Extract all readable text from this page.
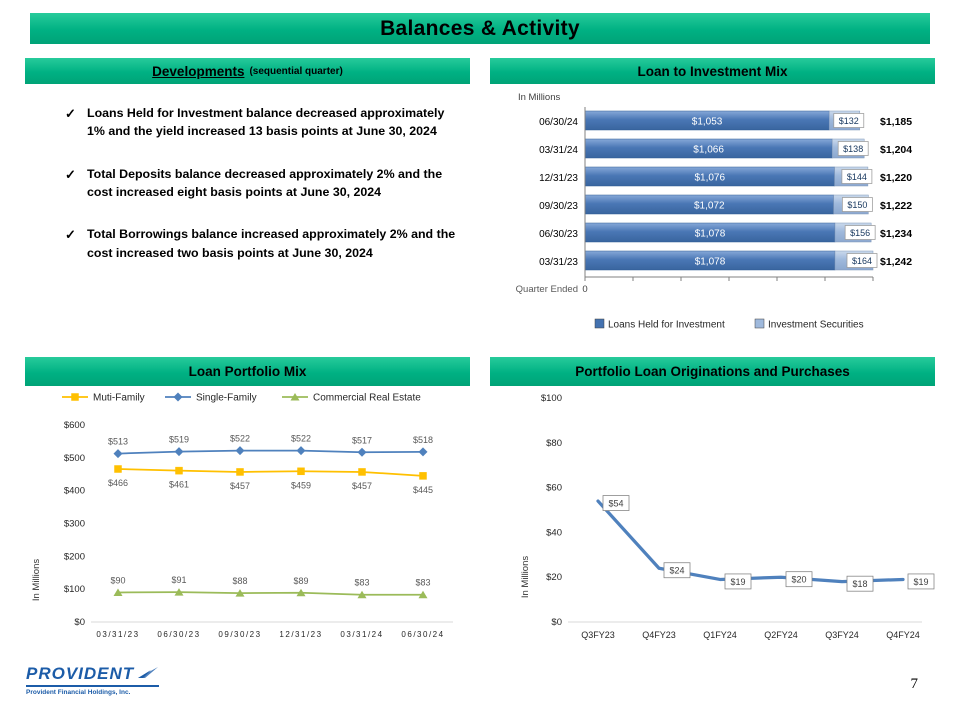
Balances & Activity
Developments (sequential quarter)
✓ Loans Held for Investment balance decreased approximately 1% and the yield increased 13 basis points at June 30, 2024
✓ Total Deposits balance decreased approximately 2% and the cost increased eight basis points at June 30, 2024
✓ Total Borrowings balance increased approximately 2% and the cost increased two basis points at June 30, 2024
Loan to Investment Mix
In Millions
06/30/24	$1,053	$132 $1,185
03/31/24	$1,066	$138 $1,204
12/31/23	$1,076	$144 $1,220
09/30/23	$1,072	$150 $1,222
06/30/23	$1,078	$156 $1,234
03/31/23	$1,078	$164 $1,242
0
Quarter Ended
Loans Held for Investment	Investment Securities
Loan Portfolio Mix
Muti-Family	Single-Family	Commercial Real Estate
$0
$100
$200
$300
$400
$500
$600
$466	$461	$457	$459	$457	$445
$513	$519	$522	$522	$517	$518
$90	$91	$88	$89	$83	$83
03/31/23 06/30/23 09/30/23 12/31/23 03/31/24 06/30/24
In Millions
Portfolio Loan Originations and Purchases
$0
$20
$40
$60
$80
$100
$54
$24
$19	$20	$18	$19
Q3FY23	Q4FY23	Q1FY24	Q2FY24	Q3FY24	Q4FY24
In Millions
PROVIDENT
Provident Financial Holdings, Inc.
7
